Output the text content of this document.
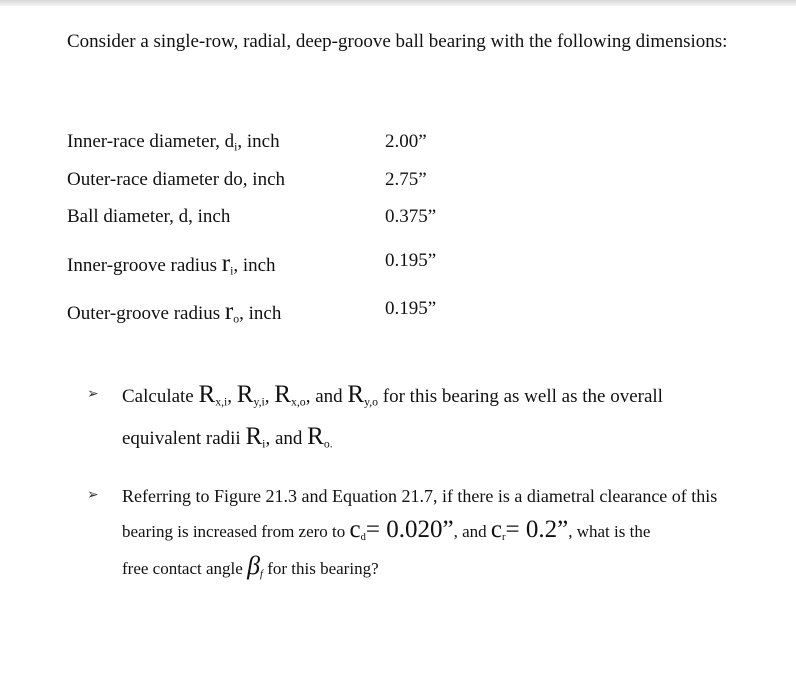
Consider a single-row, radial, deep-groove ball bearing with the following dimensions:
Inner-race diameter, $d_i$, inch	2.00”
Outer-race diameter do, inch	2.75”
Ball diameter, d, inch	0.375”
Inner-groove radius $r_i$, inch	0.195”
Outer-groove radius $r_o$, inch	0.195”
➢ Calculate $R_{x,i}$, $R_{y,i}$, $R_{x,o}$, and $R_{y,o}$ for this bearing as well as the overall
equivalent radii $R_i$, and $R_{o.}$
➢ Referring to Figure 21.3 and Equation 21.7, if there is a diametral clearance of this
bearing is increased from zero to $c_d= 0.020$”, and $c_r= 0.2$”, what is the
free contact angle $\beta_f$ for this bearing?
